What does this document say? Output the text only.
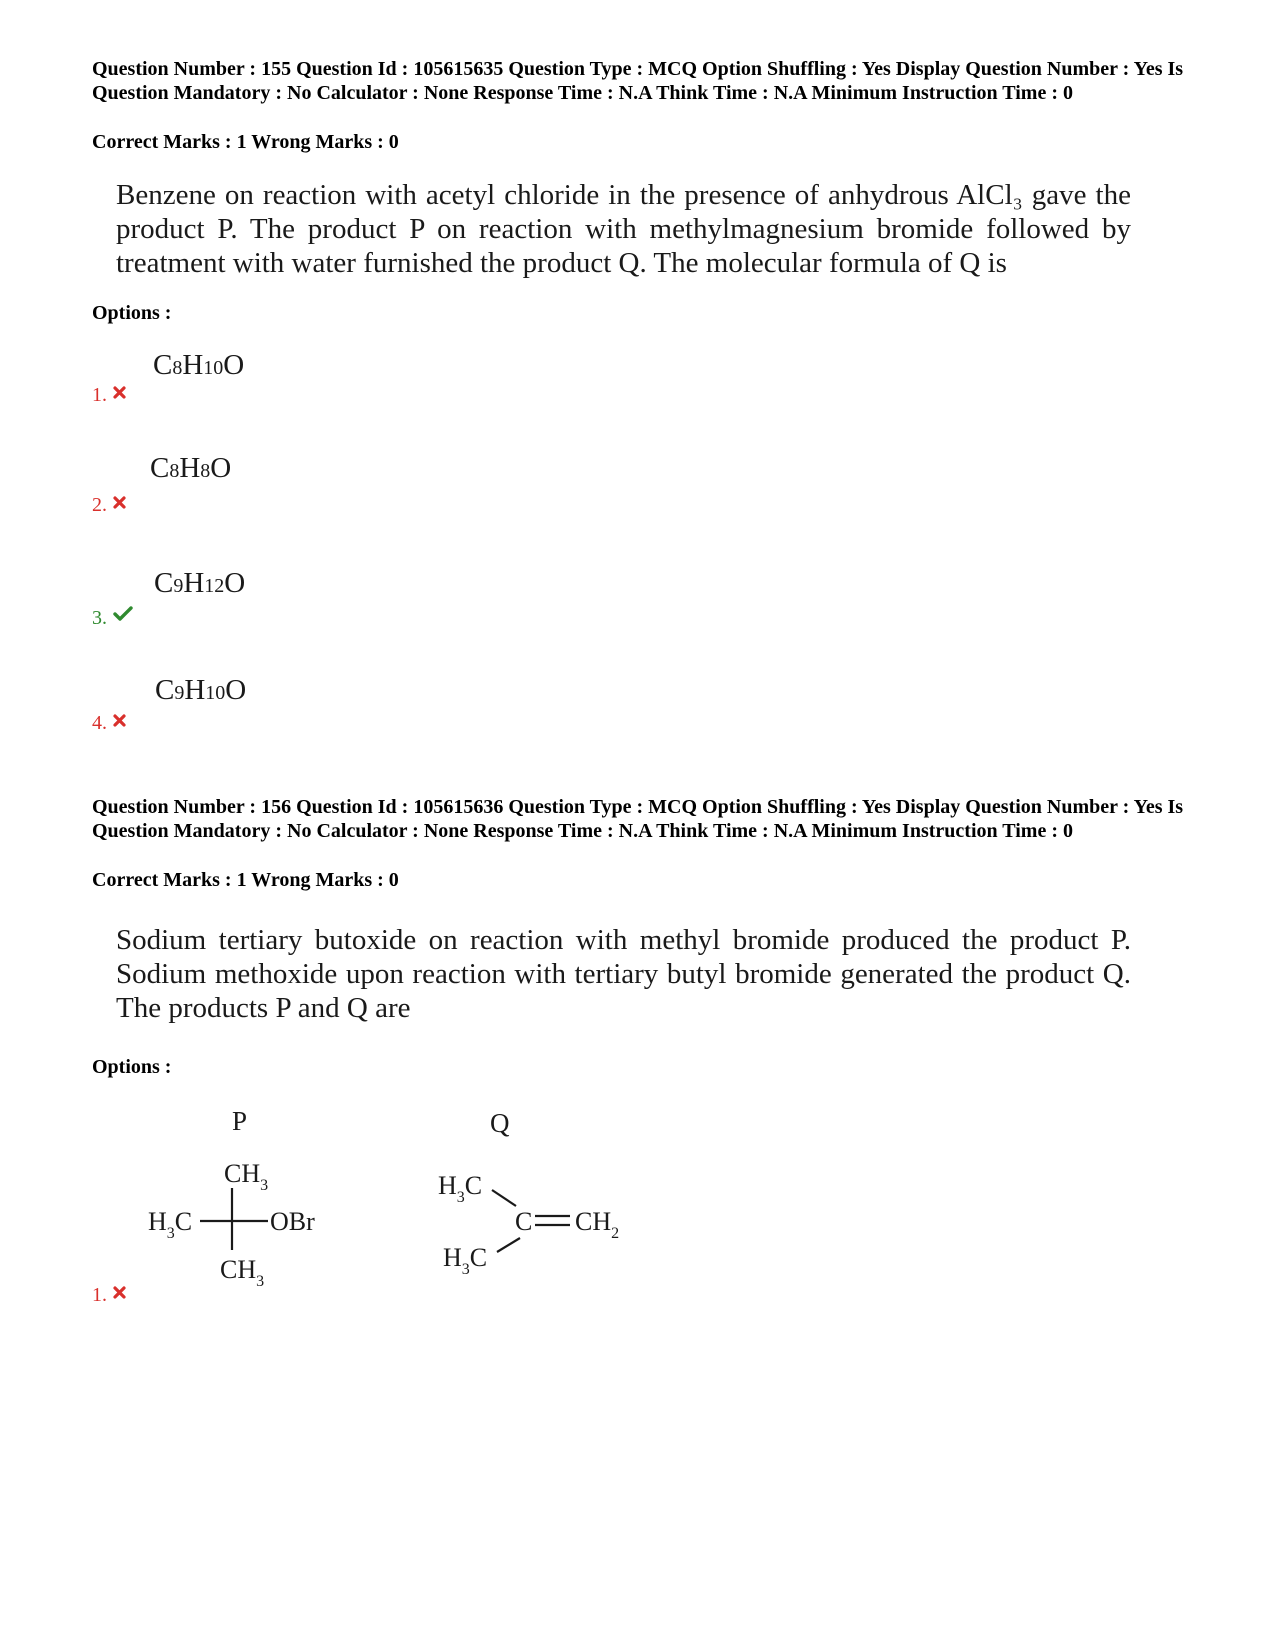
Question Number : 155 Question Id : 105615635 Question Type : MCQ Option Shuffling : Yes Display Question Number : Yes Is Question Mandatory : No Calculator : None Response Time : N.A Think Time : N.A Minimum Instruction Time : 0
Correct Marks : 1 Wrong Marks : 0
Benzene on reaction with acetyl chloride in the presence of anhydrous AlCl₃ gave the product P. The product P on reaction with methylmagnesium bromide followed by treatment with water furnished the product Q. The molecular formula of Q is
Options :
C8H10O
1.
C8H8O
2.
C9H12O
3.
C9H10O
4.
Question Number : 156 Question Id : 105615636 Question Type : MCQ Option Shuffling : Yes Display Question Number : Yes Is Question Mandatory : No Calculator : None Response Time : N.A Think Time : N.A Minimum Instruction Time : 0
Correct Marks : 1 Wrong Marks : 0
Sodium tertiary butoxide on reaction with methyl bromide produced the product P. Sodium methoxide upon reaction with tertiary butyl bromide generated the product Q. The products P and Q are
Options :
P	Q
$CH_3$
$H_3C$	OBr
$CH_3$
$H_3C$
$H_3C$
C $CH_2$
1.
